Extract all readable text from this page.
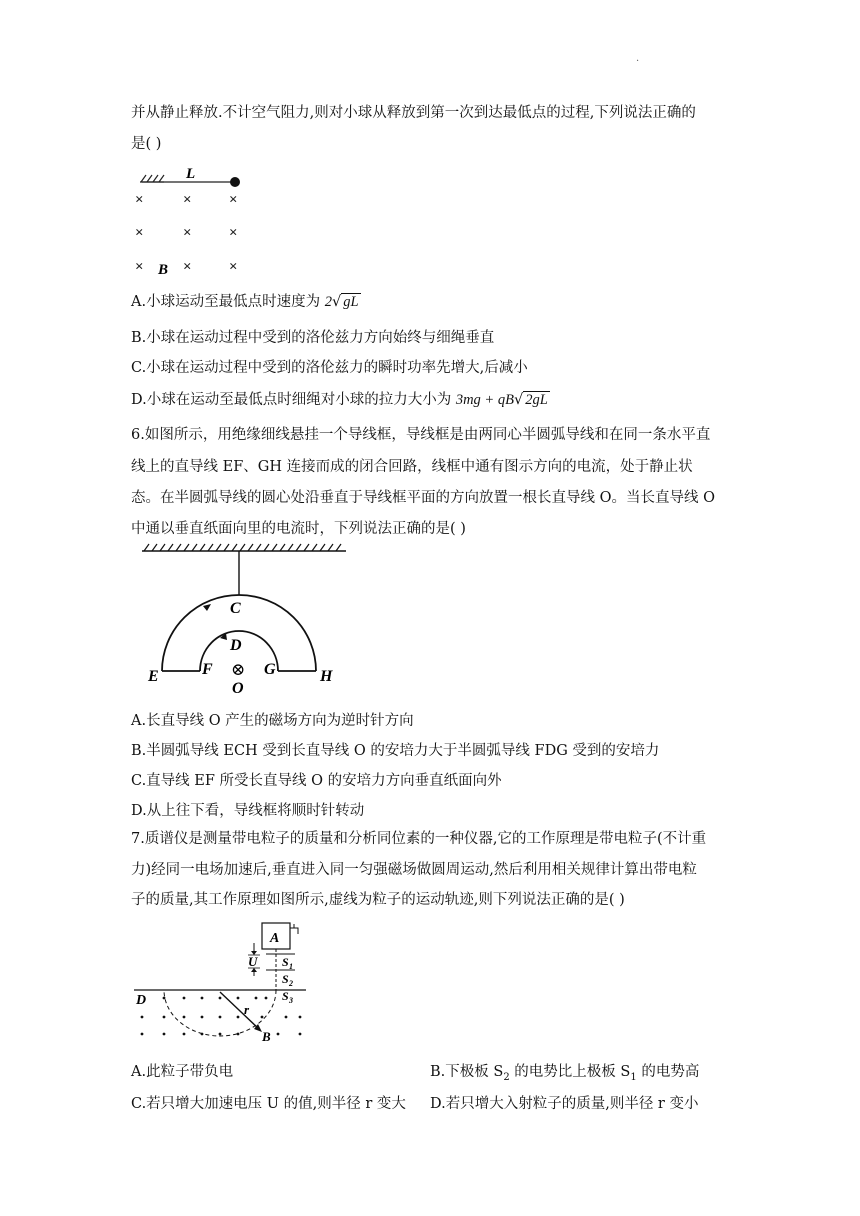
·
并从静止释放.不计空气阻力,则对小球从释放到第一次到达最低点的过程,下列说法正确的
是( )
L
×	× ×
×	× ×
×	× ×
B
A.小球运动至最低点时速度为 2√ gL
B.小球在运动过程中受到的洛伦兹力方向始终与细绳垂直
C.小球在运动过程中受到的洛伦兹力的瞬时功率先增大,后减小
D.小球在运动至最低点时细绳对小球的拉力大小为 3mg + qB√ 2gL
6.如图所示，用绝缘细线悬挂一个导线框，导线框是由两同心半圆弧导线和在同一条水平直
线上的直导线 EF、GH 连接而成的闭合回路，线框中通有图示方向的电流，处于静止状
态。在半圆弧导线的圆心处沿垂直于导线框平面的方向放置一根长直导线 O。当长直导线 O
中通以垂直纸面向里的电流时，下列说法正确的是( )
C
D
E	F	G	H
⊗
O
A.长直导线 O 产生的磁场方向为逆时针方向
B.半圆弧导线 ECH 受到长直导线 O 的安培力大于半圆弧导线 FDG 受到的安培力
C.直导线 EF 所受长直导线 O 的安培力方向垂直纸面向外
D.从上往下看，导线框将顺时针转动
7.质谱仪是测量带电粒子的质量和分析同位素的一种仪器,它的工作原理是带电粒子(不计重
力)经同一电场加速后,垂直进入同一匀强磁场做圆周运动,然后利用相关规律计算出带电粒
子的质量,其工作原理如图所示,虚线为粒子的运动轨迹,则下列说法正确的是( )
A
U S 1
S 2
S 3
D
r
B
A.此粒子带负电	B.下极板 $S_2$ 的电势比上极板 $S_1$ 的电势高
C.若只增大加速电压 U 的值,则半径 r 变大 D.若只增大入射粒子的质量,则半径 r 变小
